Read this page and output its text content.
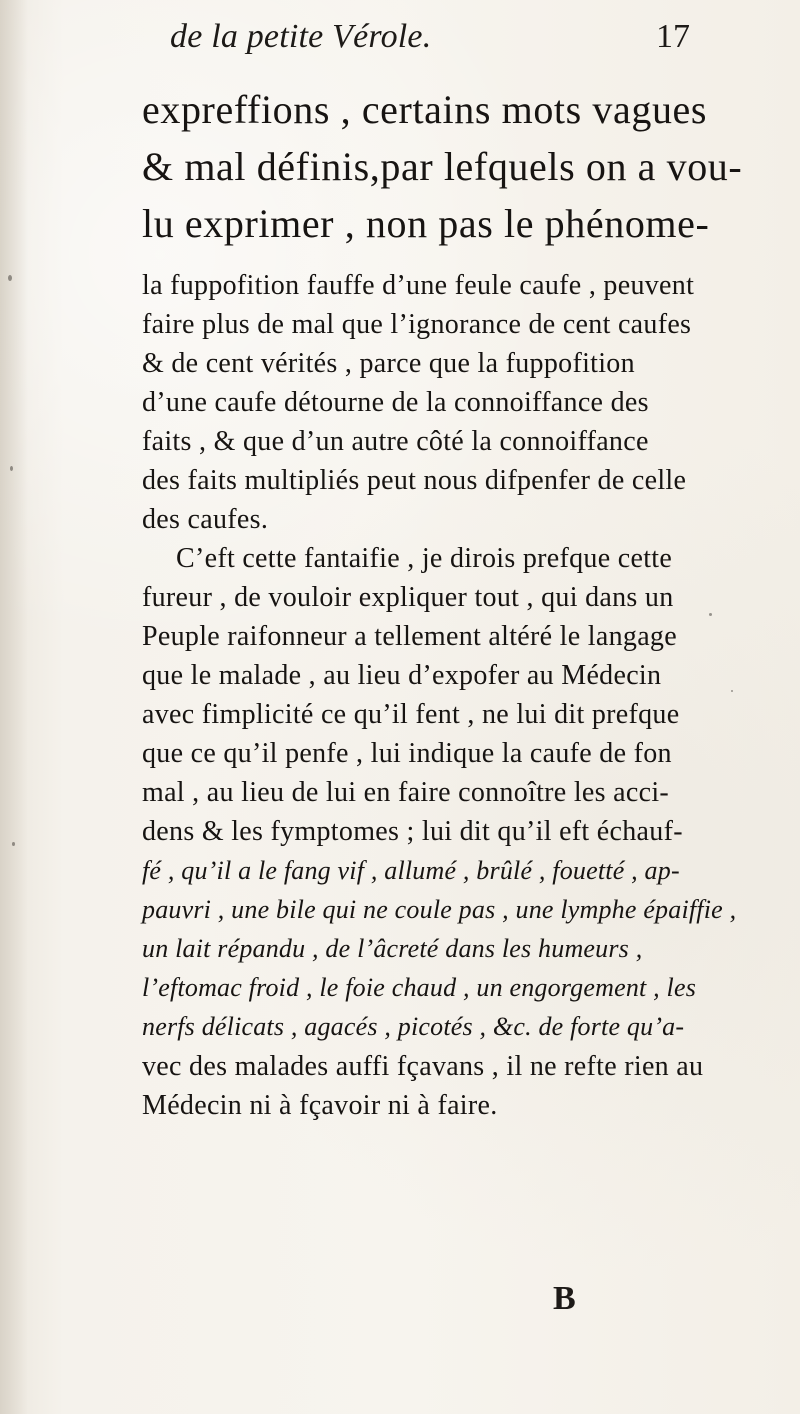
de la petite Vérole.	17
expreffions , certains mots vagues
& mal définis,par lefquels on a vou-
lu exprimer , non pas le phénome-
la fuppofition fauffe d’une feule caufe , peuvent
faire plus de mal que l’ignorance de cent caufes
& de cent vérités , parce que la fuppofition
d’une caufe détourne de la connoiffance des
faits , & que d’un autre côté la connoiffance
des faits multipliés peut nous difpenfer de celle
des caufes.
C’eft cette fantaifie , je dirois prefque cette
fureur , de vouloir expliquer tout , qui dans un
Peuple raifonneur a tellement altéré le langage
que le malade , au lieu d’expofer au Médecin
avec fimplicité ce qu’il fent , ne lui dit prefque
que ce qu’il penfe , lui indique la caufe de fon
mal , au lieu de lui en faire connoître les acci-
dens & les fymptomes ; lui dit qu’il eft échauf-
fé , qu’il a le fang vif , allumé , brûlé , fouetté , ap-
pauvri , une bile qui ne coule pas , une lymphe épaiffie ,
un lait répandu , de l’âcreté dans les humeurs ,
l’eftomac froid , le foie chaud , un engorgement , les
nerfs délicats , agacés , picotés , &c. de forte qu’a-
vec des malades auffi fçavans , il ne refte rien au
Médecin ni à fçavoir ni à faire.
B
